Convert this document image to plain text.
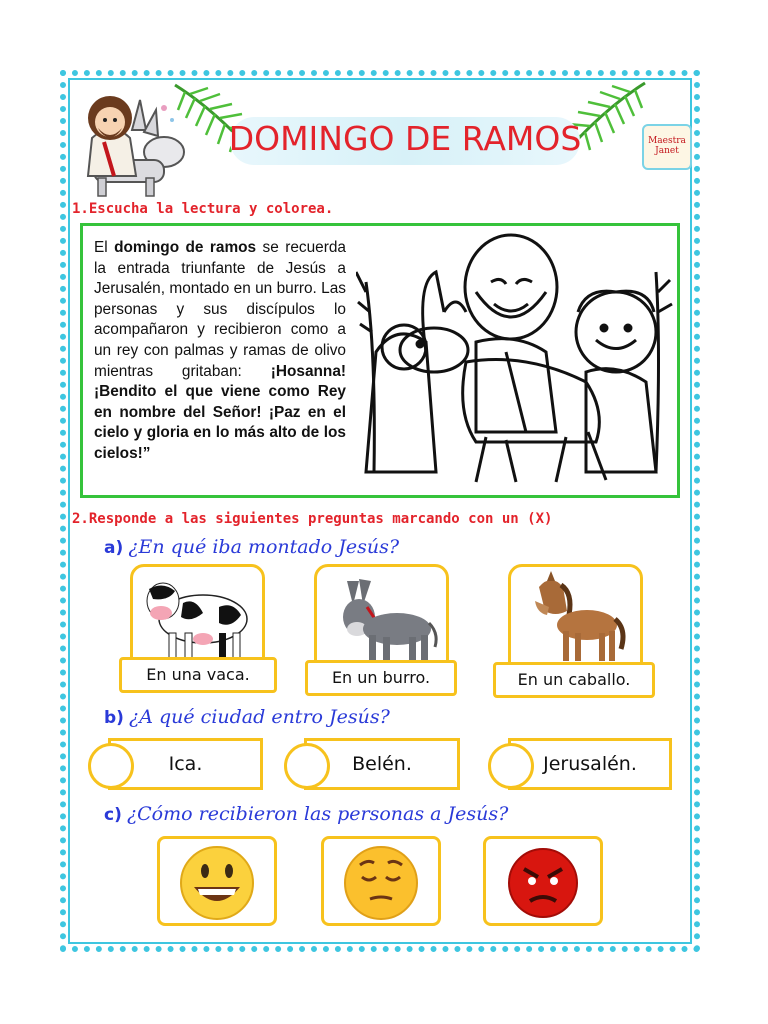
DOMINGO DE RAMOS	Maestra
Janet
1.Escucha la lectura y colorea.
El domingo de ramos se recuerda la entrada triunfante de Jesús a Jerusalén, montado en un burro. Las personas y sus discípulos lo acompañaron y recibieron como a un rey con palmas y ramas de olivo mientras gritaban: ¡Hosanna! ¡Bendito el que viene como Rey en nombre del Señor! ¡Paz en el cielo y gloria en lo más alto de los cielos!”
2.Responde a las siguientes preguntas marcando con un (X)
a) ¿En qué iba montado Jesús?
En una vaca.	En un burro.	En un caballo.
b) ¿A qué ciudad entro Jesús?
Ica.	Belén.	Jerusalén.
c) ¿Cómo recibieron las personas a Jesús?
